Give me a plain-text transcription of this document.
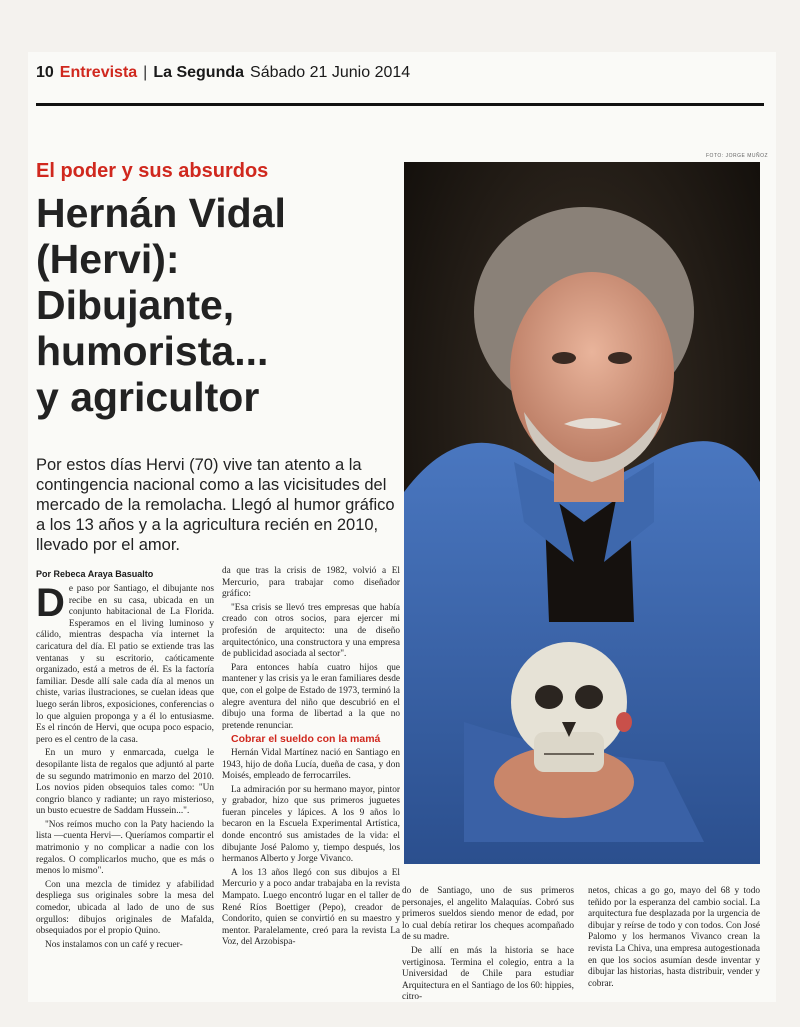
10 Entrevista | La Segunda Sábado 21 Junio 2014
El poder y sus absurdos
Hernán Vidal
(Hervi):
Dibujante,
humorista...
y agricultor

Por estos días Hervi (70) vive tan atento a la contingencia nacional como a las vicisitudes del mercado de la remolacha. Llegó al humor gráfico a los 13 años y a la agricultura recién en 2010, llevado por el amor.

FOTO: JORGE MUÑOZ
Por Rebeca Araya Basualto

De paso por Santiago, el dibujante nos recibe en su casa, ubicada en un conjunto habitacional de La Florida. Esperamos en el living luminoso y cálido, mientras despacha vía internet la caricatura del día. El patio se extiende tras las ventanas y su escritorio, caóticamente organizado, está a metros de él. Es la factoría familiar. Desde allí sale cada día al menos un chiste, varias ilustraciones, se cuelan ideas que luego serán libros, exposiciones, conferencias o lo que alguien proponga y a él lo entusiasme. Es el rincón de Hervi, que ocupa poco espacio, pero es el centro de la casa.

En un muro y enmarcada, cuelga le desopilante lista de regalos que adjuntó al parte de su segundo matrimonio en marzo del 2010. Los novios piden obsequios tales como: "Un congrio blanco y radiante; un rayo misterioso, un busto ecuestre de Saddam Hussein...".

"Nos reímos mucho con la Paty haciendo la lista —cuenta Hervi—. Queríamos compartir el matrimonio y no complicar a nadie con los regalos. O complicarlos mucho, que es más o menos lo mismo".

Con una mezcla de timidez y afabilidad despliega sus originales sobre la mesa del comedor, ubicada al lado de uno de sus orgullos: dibujos originales de Mafalda, obsequiados por el propio Quino.

Nos instalamos con un café y recuer-

da que tras la crisis de 1982, volvió a El Mercurio, para trabajar como diseñador gráfico:

"Esa crisis se llevó tres empresas que había creado con otros socios, para ejercer mi profesión de arquitecto: una de diseño arquitectónico, una constructora y una empresa de publicidad asociada al sector".

Para entonces había cuatro hijos que mantener y las crisis ya le eran familiares desde que, con el golpe de Estado de 1973, terminó la alegre aventura del niño que descubrió en el dibujo una forma de libertad a la que no pretende renunciar.

Cobrar el sueldo con la mamá

Hernán Vidal Martínez nació en Santiago en 1943, hijo de doña Lucía, dueña de casa, y don Moisés, empleado de ferrocarriles.

La admiración por su hermano mayor, pintor y grabador, hizo que sus primeros juguetes fueran pinceles y lápices. A los 9 años lo becaron en la Escuela Experimental Artística, donde encontró sus amistades de la vida: el dibujante José Palomo y, tiempo después, los hermanos Alberto y Jorge Vivanco.

A los 13 años llegó con sus dibujos a El Mercurio y a poco andar trabajaba en la revista Mampato. Luego encontró lugar en el taller de René Ríos Boettiger (Pepo), creador de Condorito, quien se convirtió en su maestro y mentor. Paralelamente, creó para la revista La Voz, del Arzobispa-

do de Santiago, uno de sus primeros personajes, el angelito Malaquías. Cobró sus primeros sueldos siendo menor de edad, por lo cual debía retirar los cheques acompañado de su madre.

De allí en más la historia se hace vertiginosa. Termina el colegio, entra a la Universidad de Chile para estudiar Arquitectura en el Santiago de los 60: hippies, citro-

netos, chicas a go go, mayo del 68 y todo teñido por la esperanza del cambio social. La arquitectura fue desplazada por la urgencia de dibujar y reírse de todo y con todos. Con José Palomo y los hermanos Vivanco crean la revista La Chiva, una empresa autogestionada en que los socios asumían desde inventar y dibujar las historias, hasta distribuir, vender y cobrar.
